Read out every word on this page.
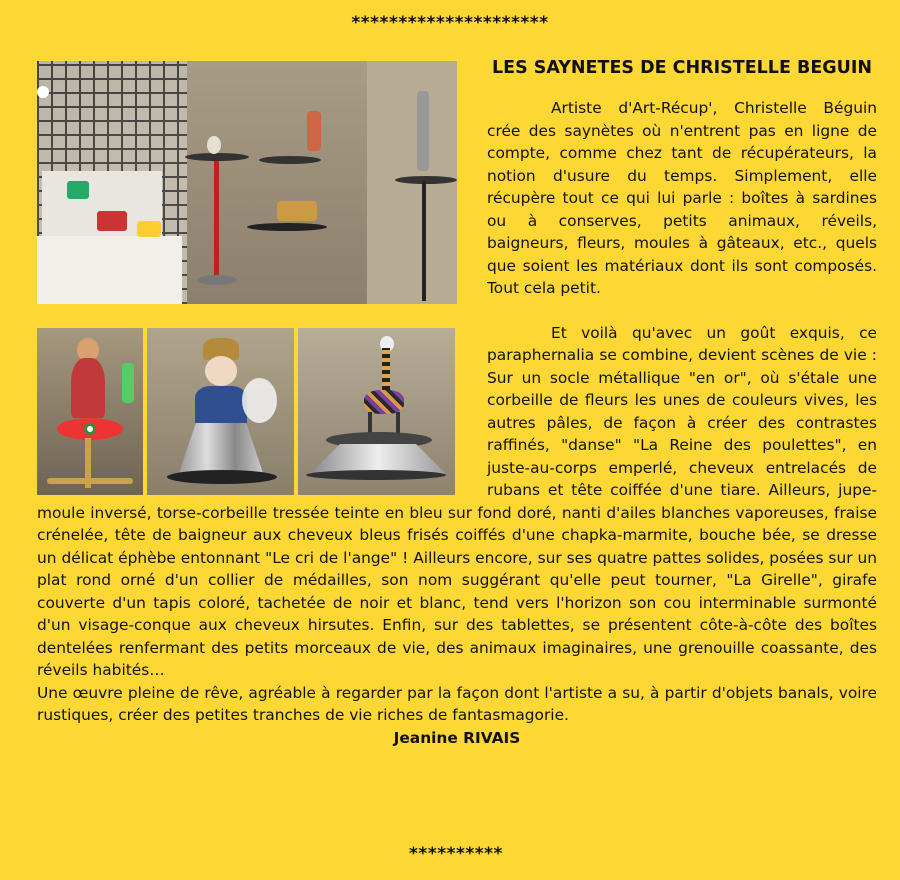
*********************
LES SAYNETES DE CHRISTELLE BEGUIN

Artiste d'Art-Récup', Christelle Béguin crée des saynètes où n'entrent pas en ligne de compte, comme chez tant de récupérateurs, la notion d'usure du temps. Simplement, elle récupère tout ce qui lui parle : boîtes à sardines ou à conserves, petits animaux, réveils, baigneurs, fleurs, moules à gâteaux, etc., quels que soient les matériaux dont ils sont composés. Tout cela petit.

Et voilà qu'avec un goût exquis, ce paraphernalia se combine, devient scènes de vie : Sur un socle métallique "en or", où s'étale une corbeille de fleurs les unes de couleurs vives, les autres pâles, de façon à créer des contrastes raffinés, "danse" "La Reine des poulettes", en juste-au-corps emperlé, cheveux entrelacés de rubans et tête coiffée d'une tiare. Ailleurs, jupe-moule inversé, torse-corbeille tressée teinte en bleu sur fond doré, nanti d'ailes blanches vaporeuses, fraise crénelée, tête de baigneur aux cheveux bleus frisés coiffés d'une chapka-marmite, bouche bée, se dresse un délicat éphèbe entonnant "Le cri de l'ange" ! Ailleurs encore, sur ses quatre pattes solides, posées sur un plat rond orné d'un collier de médailles, son nom suggérant qu'elle peut tourner, "La Girelle", girafe couverte d'un tapis coloré, tachetée de noir et blanc, tend vers l'horizon son cou interminable surmonté d'un visage-conque aux cheveux hirsutes. Enfin, sur des tablettes, se présentent côte-à-côte des boîtes dentelées renfermant des petits morceaux de vie, des animaux imaginaires, une grenouille coassante, des réveils habités…

Une œuvre pleine de rêve, agréable à regarder par la façon dont l'artiste a su, à partir d'objets banals, voire rustiques, créer des petites tranches de vie riches de fantasmagorie.

Jeanine RIVAIS
**********
